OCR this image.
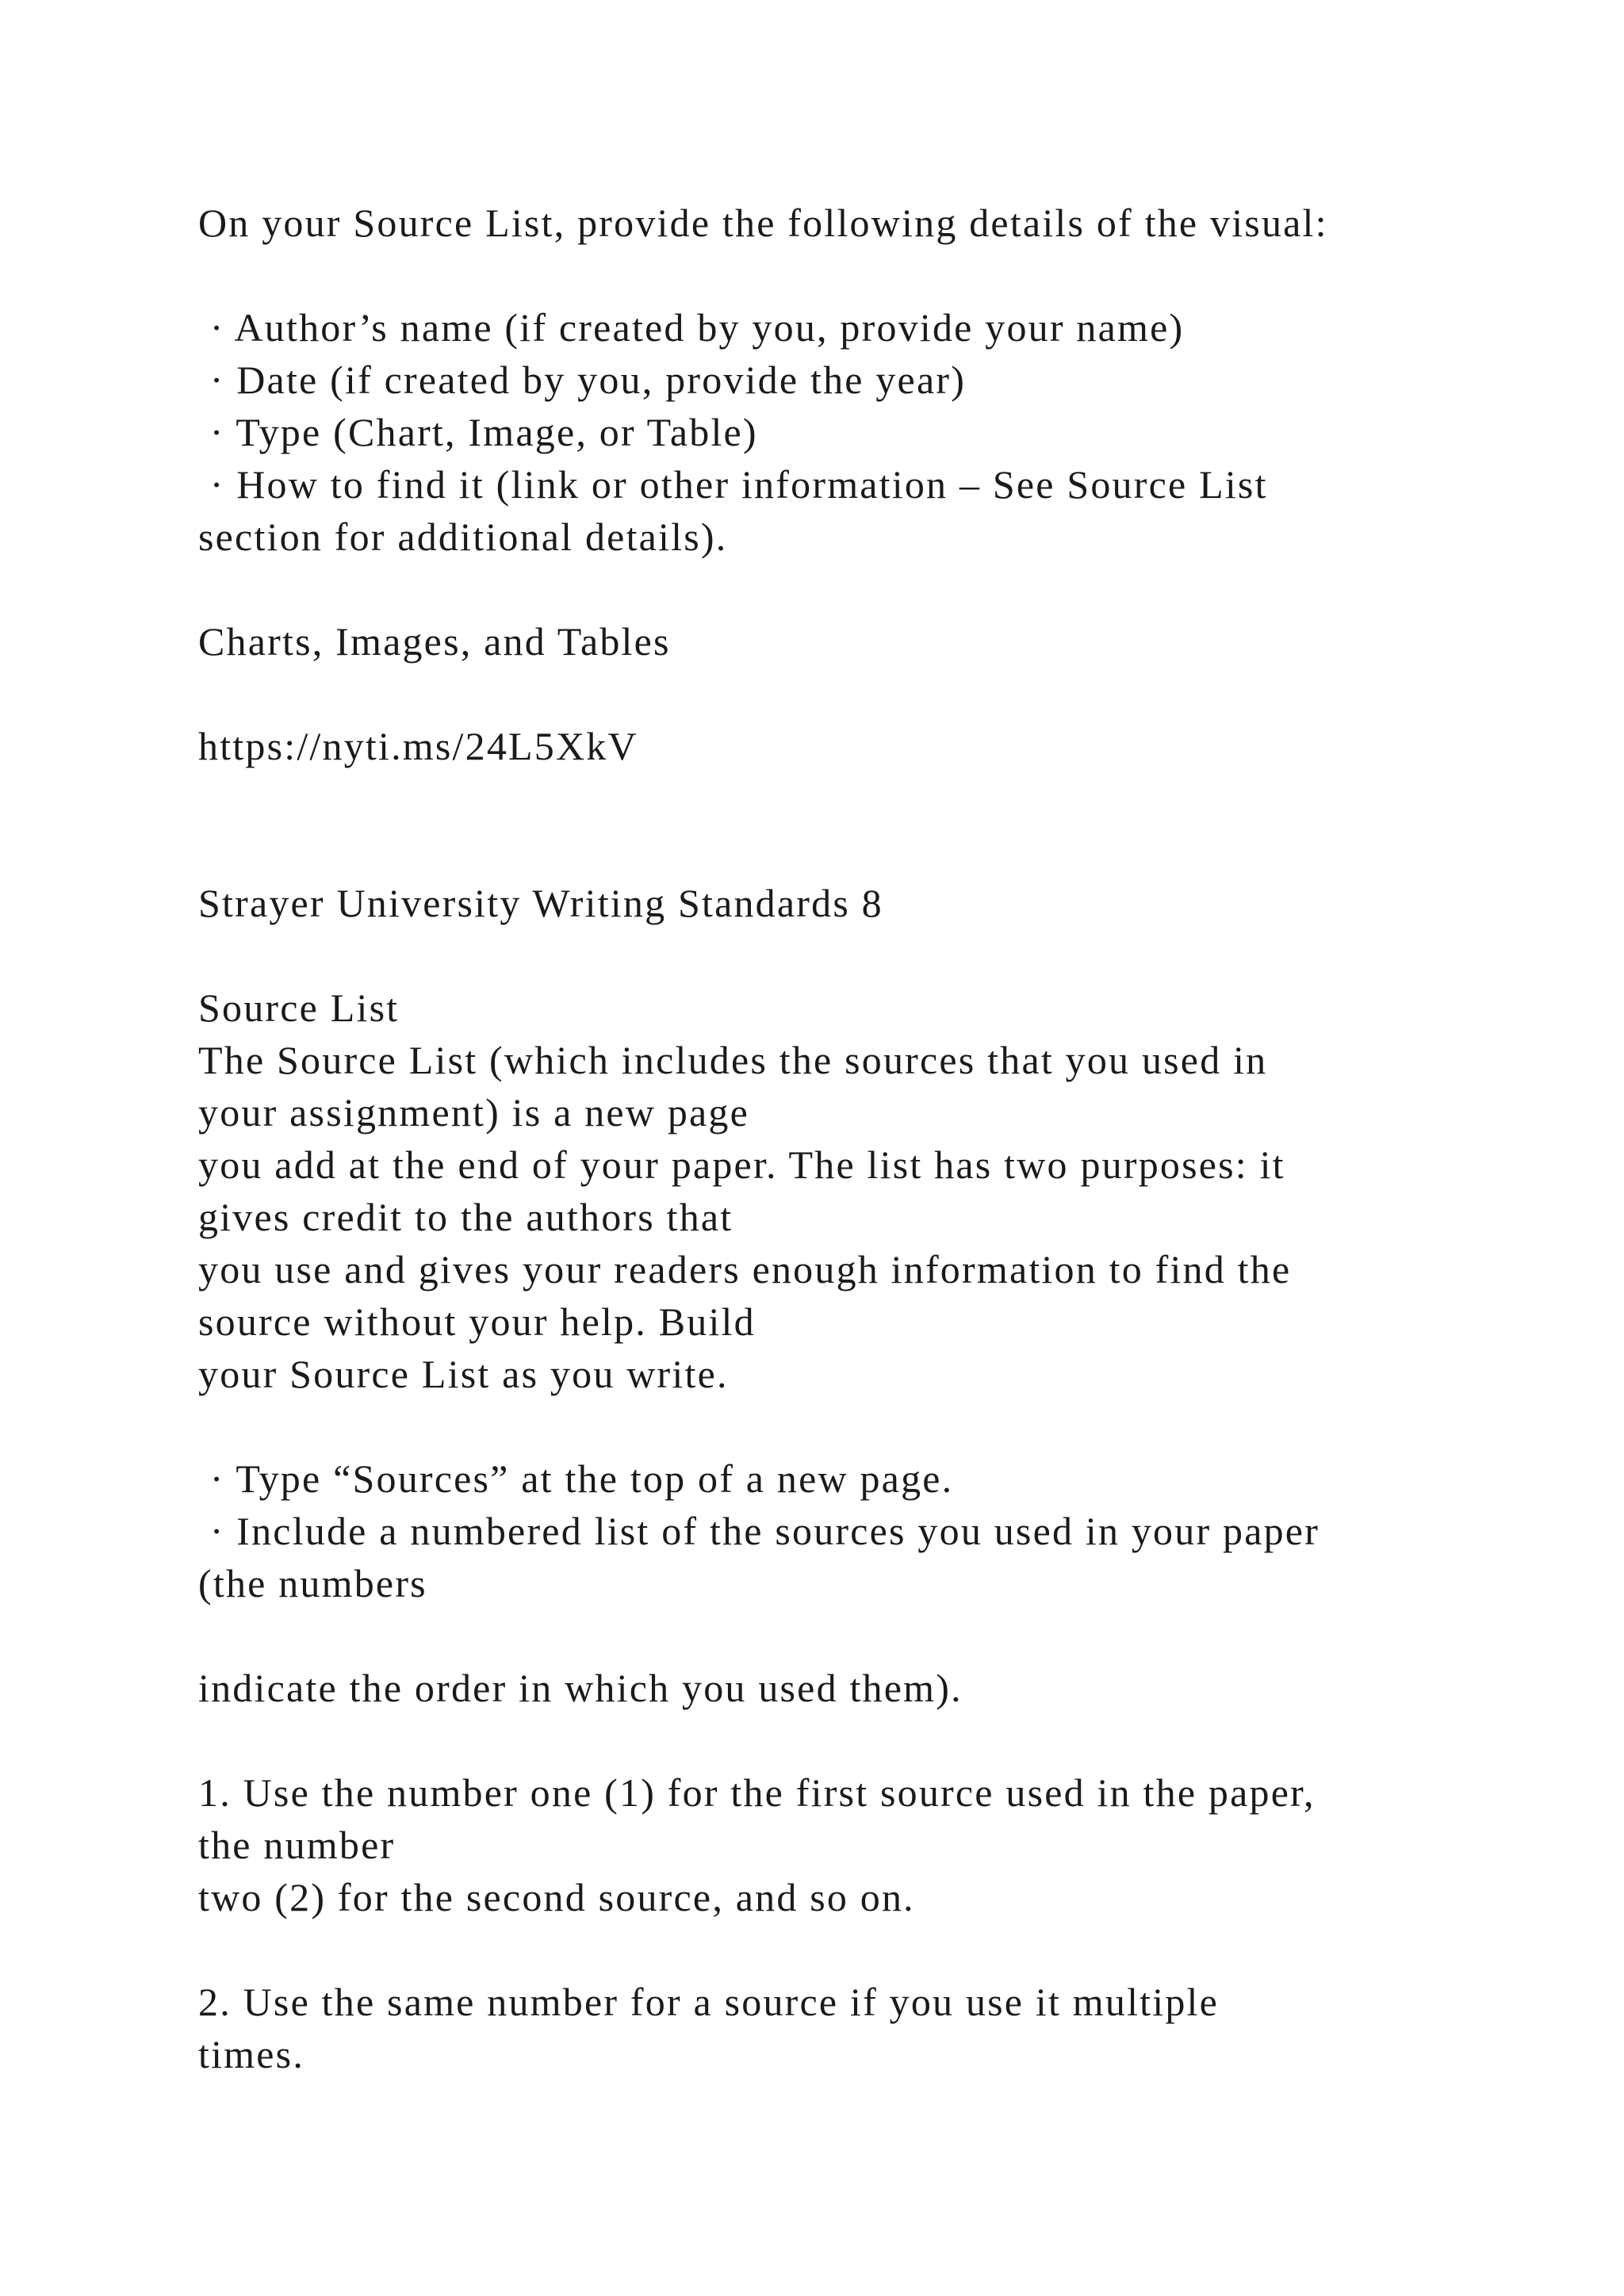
On your Source List, provide the following details of the visual:
· Author’s name (if created by you, provide your name)
· Date (if created by you, provide the year)
· Type (Chart, Image, or Table)
· How to find it (link or other information – See Source List
section for additional details).
Charts, Images, and Tables
https://nyti.ms/24L5XkV
Strayer University Writing Standards 8
Source List
The Source List (which includes the sources that you used in
your assignment) is a new page
you add at the end of your paper. The list has two purposes: it
gives credit to the authors that
you use and gives your readers enough information to find the
source without your help. Build
your Source List as you write.
· Type “Sources” at the top of a new page.
· Include a numbered list of the sources you used in your paper
(the numbers
indicate the order in which you used them).
1. Use the number one (1) for the first source used in the paper,
the number
two (2) for the second source, and so on.
2. Use the same number for a source if you use it multiple
times.
